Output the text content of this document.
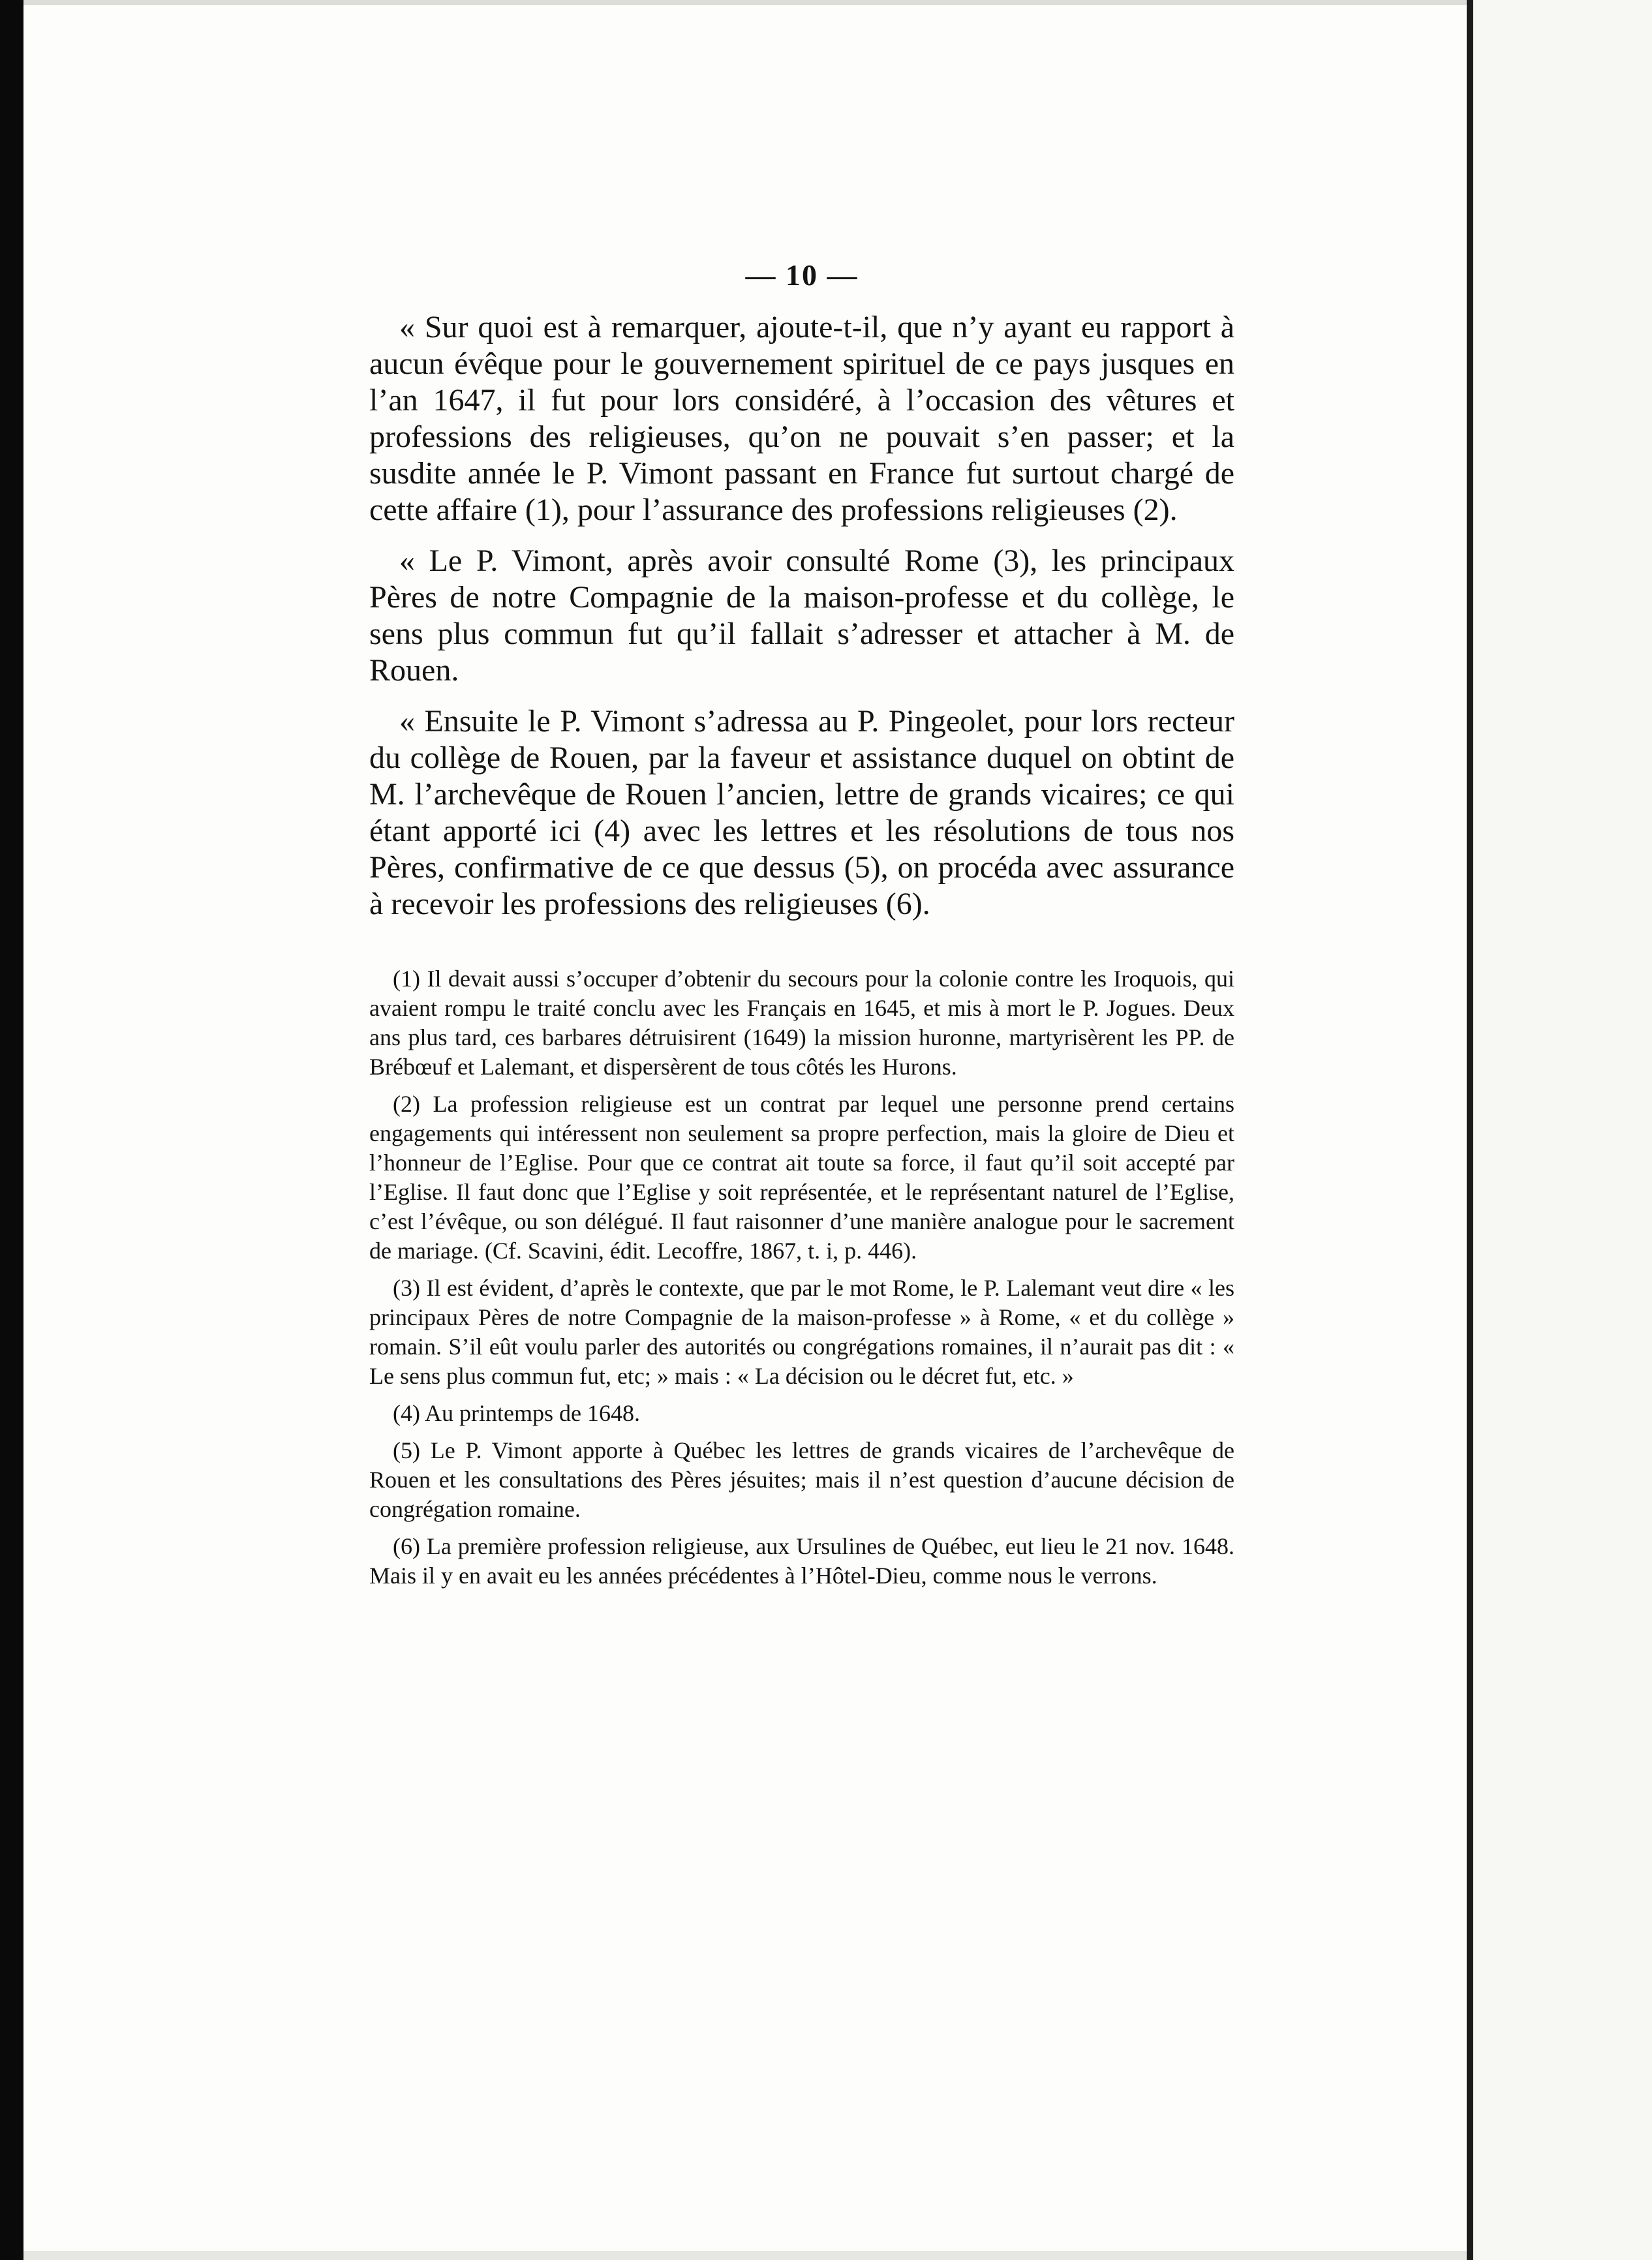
— 10 —

« Sur quoi est à remarquer, ajoute-t-il, que n’y ayant eu rapport à aucun évêque pour le gouvernement spirituel de ce pays jusques en l’an 1647, il fut pour lors considéré, à l’occasion des vêtures et professions des religieuses, qu’on ne pouvait s’en passer; et la susdite année le P. Vimont passant en France fut surtout chargé de cette affaire (1), pour l’assurance des professions religieuses (2).

« Le P. Vimont, après avoir consulté Rome (3), les principaux Pères de notre Compagnie de la maison-professe et du collège, le sens plus commun fut qu’il fallait s’adresser et attacher à M. de Rouen.

« Ensuite le P. Vimont s’adressa au P. Pingeolet, pour lors recteur du collège de Rouen, par la faveur et assistance duquel on obtint de M. l’archevêque de Rouen l’ancien, lettre de grands vicaires; ce qui étant apporté ici (4) avec les lettres et les résolutions de tous nos Pères, confirmative de ce que dessus (5), on procéda avec assurance à recevoir les professions des religieuses (6).

(1) Il devait aussi s’occuper d’obtenir du secours pour la colonie contre les Iroquois, qui avaient rompu le traité conclu avec les Français en 1645, et mis à mort le P. Jogues. Deux ans plus tard, ces barbares détruisirent (1649) la mission huronne, martyrisèrent les PP. de Brébœuf et Lalemant, et dispersèrent de tous côtés les Hurons.

(2) La profession religieuse est un contrat par lequel une personne prend certains engagements qui intéressent non seulement sa propre perfection, mais la gloire de Dieu et l’honneur de l’Eglise. Pour que ce contrat ait toute sa force, il faut qu’il soit accepté par l’Eglise. Il faut donc que l’Eglise y soit représentée, et le représentant naturel de l’Eglise, c’est l’évêque, ou son délégué. Il faut raisonner d’une manière analogue pour le sacrement de mariage. (Cf. Scavini, édit. Lecoffre, 1867, t. i, p. 446).

(3) Il est évident, d’après le contexte, que par le mot Rome, le P. Lalemant veut dire « les principaux Pères de notre Compagnie de la maison-professe » à Rome, « et du collège » romain. S’il eût voulu parler des autorités ou congrégations romaines, il n’aurait pas dit : « Le sens plus commun fut, etc; » mais : « La décision ou le décret fut, etc. »

(4) Au printemps de 1648.

(5) Le P. Vimont apporte à Québec les lettres de grands vicaires de l’archevêque de Rouen et les consultations des Pères jésuites; mais il n’est question d’aucune décision de congrégation romaine.

(6) La première profession religieuse, aux Ursulines de Québec, eut lieu le 21 nov. 1648. Mais il y en avait eu les années précédentes à l’Hôtel-Dieu, comme nous le verrons.
